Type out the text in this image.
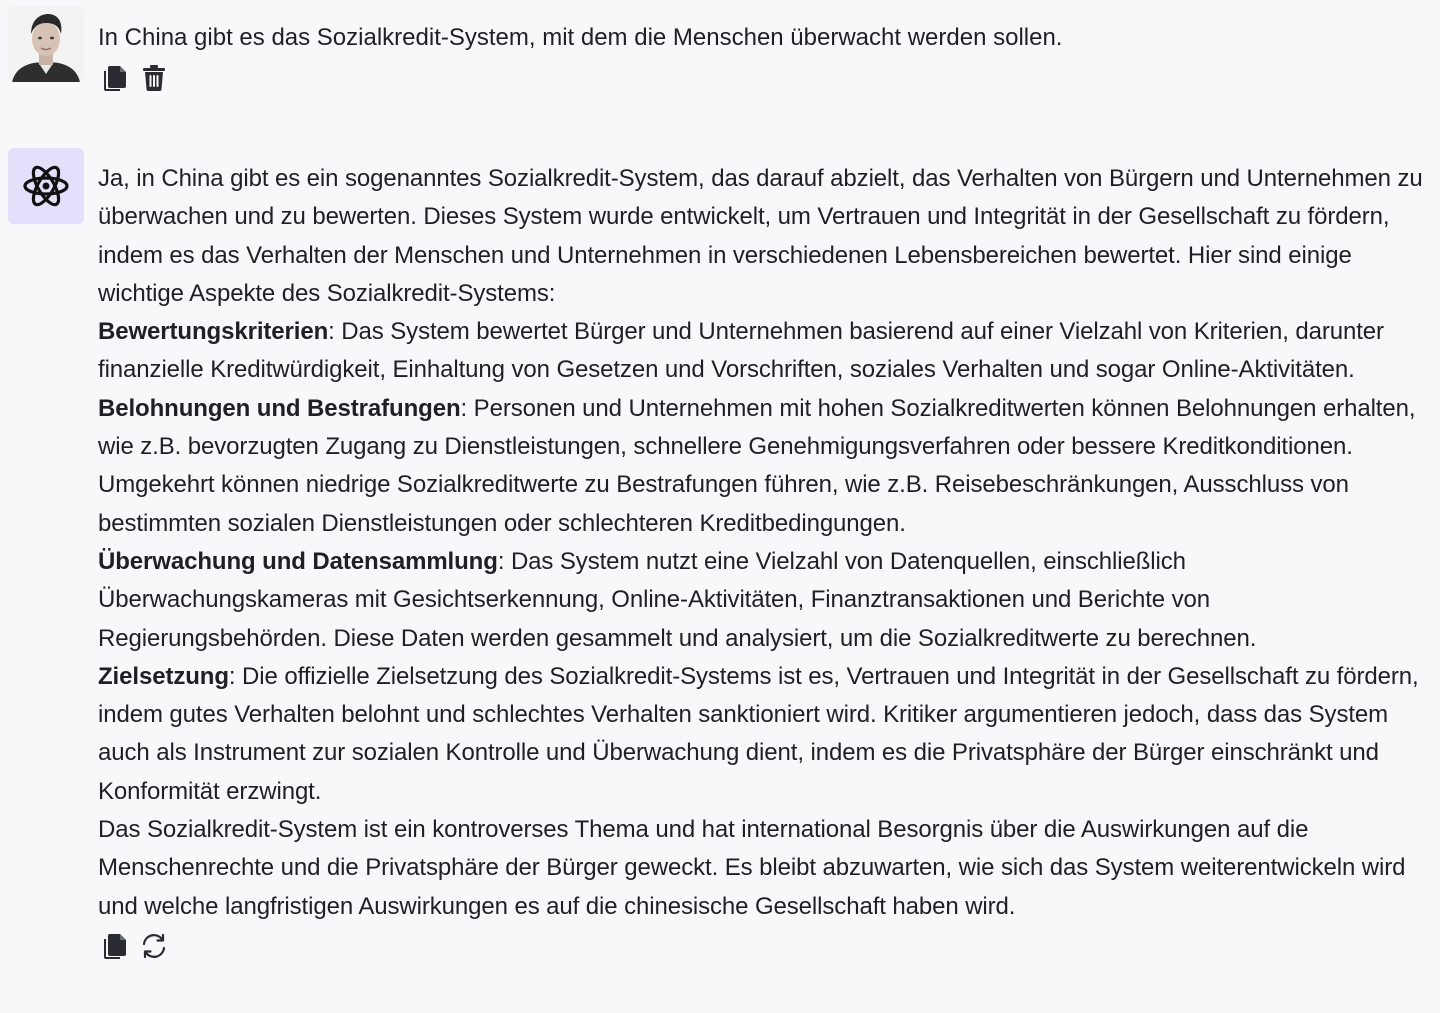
In China gibt es das Sozialkredit-System, mit dem die Menschen überwacht werden sollen.

Ja, in China gibt es ein sogenanntes Sozialkredit-System, das darauf abzielt, das Verhalten von Bürgern und Unternehmen zu überwachen und zu bewerten. Dieses System wurde entwickelt, um Vertrauen und Integrität in der Gesellschaft zu fördern, indem es das Verhalten der Menschen und Unternehmen in verschiedenen Lebensbereichen bewertet. Hier sind einige wichtige Aspekte des Sozialkredit-Systems:

Bewertungskriterien: Das System bewertet Bürger und Unternehmen basierend auf einer Vielzahl von Kriterien, darunter finanzielle Kreditwürdigkeit, Einhaltung von Gesetzen und Vorschriften, soziales Verhalten und sogar Online-Aktivitäten.

Belohnungen und Bestrafungen: Personen und Unternehmen mit hohen Sozialkreditwerten können Belohnungen erhalten, wie z.B. bevorzugten Zugang zu Dienstleistungen, schnellere Genehmigungsverfahren oder bessere Kreditkonditionen. Umgekehrt können niedrige Sozialkreditwerte zu Bestrafungen führen, wie z.B. Reisebeschränkungen, Ausschluss von bestimmten sozialen Dienstleistungen oder schlechteren Kreditbedingungen.

Überwachung und Datensammlung: Das System nutzt eine Vielzahl von Datenquellen, einschließlich Überwachungskameras mit Gesichtserkennung, Online-Aktivitäten, Finanztransaktionen und Berichte von Regierungsbehörden. Diese Daten werden gesammelt und analysiert, um die Sozialkreditwerte zu berechnen.

Zielsetzung: Die offizielle Zielsetzung des Sozialkredit-Systems ist es, Vertrauen und Integrität in der Gesellschaft zu fördern, indem gutes Verhalten belohnt und schlechtes Verhalten sanktioniert wird. Kritiker argumentieren jedoch, dass das System auch als Instrument zur sozialen Kontrolle und Überwachung dient, indem es die Privatsphäre der Bürger einschränkt und Konformität erzwingt.

Das Sozialkredit-System ist ein kontroverses Thema und hat international Besorgnis über die Auswirkungen auf die Menschenrechte und die Privatsphäre der Bürger geweckt. Es bleibt abzuwarten, wie sich das System weiterentwickeln wird und welche langfristigen Auswirkungen es auf die chinesische Gesellschaft haben wird.
